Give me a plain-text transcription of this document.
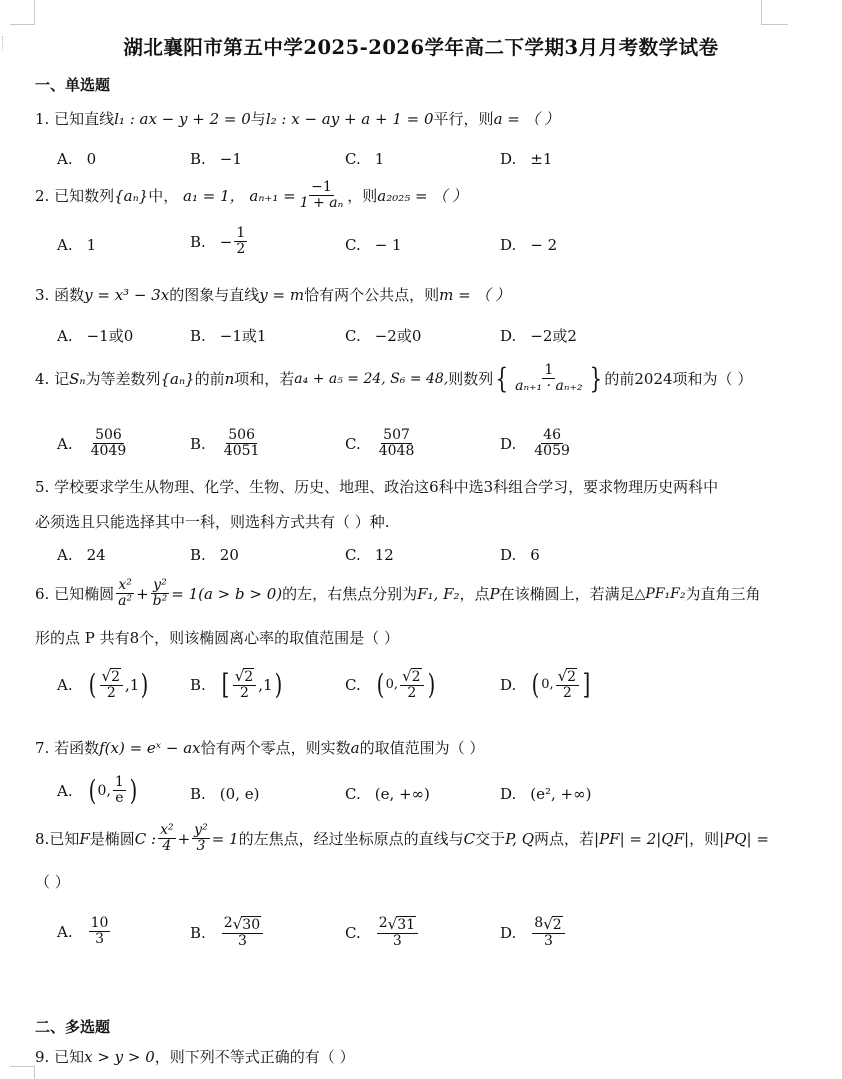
湖北襄阳市第五中学2025-2026学年高二下学期3月月考数学试卷
一、单选题
1. 已知直线l₁ : ax − y + 2 = 0与l₂ : x − ay + a + 1 = 0平行，则a = （ ）
A. 0	B. −1	C. 1	D. ±1
2.
已知数列 {aₙ} 中，
a₁ = 1，
$a_{n+1} = \frac{-1}{\text{1 + aₙ}}$ ，则 a₂₀₂₅ = （ ）
A. 1	B. − $\frac{1}{2}$	C. − 1	D. − 2
3. 函数y = x³ − 3x的图象与直线y = m恰有两个公共点，则m = （ ）
A. −1或0	B. −1或1	C. −2或0	D. −2或2
4.
记 Sₙ 为等差数列 {aₙ} 的前 n 项和，若 a₄ + a₅ = 24, S₆ = 48, 则数列 { $\frac{1}{\text{aₙ₊₁ · aₙ₊₂}}$ } 的前2024项和为（ ）
A. $\frac{506}{4049}$	B. $\frac{506}{4051}$	C. $\frac{507}{4048}$	D. $\frac{46}{4059}$
5. 学校要求学生从物理、化学、生物、历史、地理、政治这6科中选3科组合学习，要求物理历史两科中
必须选且只能选择其中一科，则选科方式共有（ ）种.
A. 24	B. 20	C. 12	D. 6
6.
已知椭圆 $\frac{\text{x²}}{\text{a²}} + \frac{\text{y²}}{\text{b²}} = 1(a > b > 0)$ 的左，右焦点分别为 F₁, F₂ ，点 P 在该椭圆上，若满足 △PF₁F₂ 为直角三角
形的点 P 共有8个，则该椭圆离心率的取值范围是（ ）
A. ( $\frac{√ 2}{2} ,1$ )	B. [ $\frac{√ 2}{2} ,1$ )	C. ( 0, $\frac{√ 2}{2}$ )	D. ( 0, $\frac{√ 2}{2}$ ]
7. 若函数f(x) = eˣ − ax恰有两个零点，则实数a的取值范围为（ ）
A. ( 0, $\frac{1}{e}$ )	B. (0, e)	C. (e, +∞)	D. (e², +∞)
8. 已知 F 是椭圆 C : $\frac{\text{x²}}{4} + \frac{\text{y²}}{3} = 1$ 的左焦点，经过坐标原点的直线与 C 交于 P, Q 两点，若 |PF| = 2|QF| ，则 |PQ| =
（ ）
A. $\frac{10}{3}$	B. $\frac{2 √ 30}{3}$	C. $\frac{2 √ 31}{3}$	D. $\frac{8 √ 2}{3}$
二、多选题
9. 已知x > y > 0，则下列不等式正确的有（ ）
